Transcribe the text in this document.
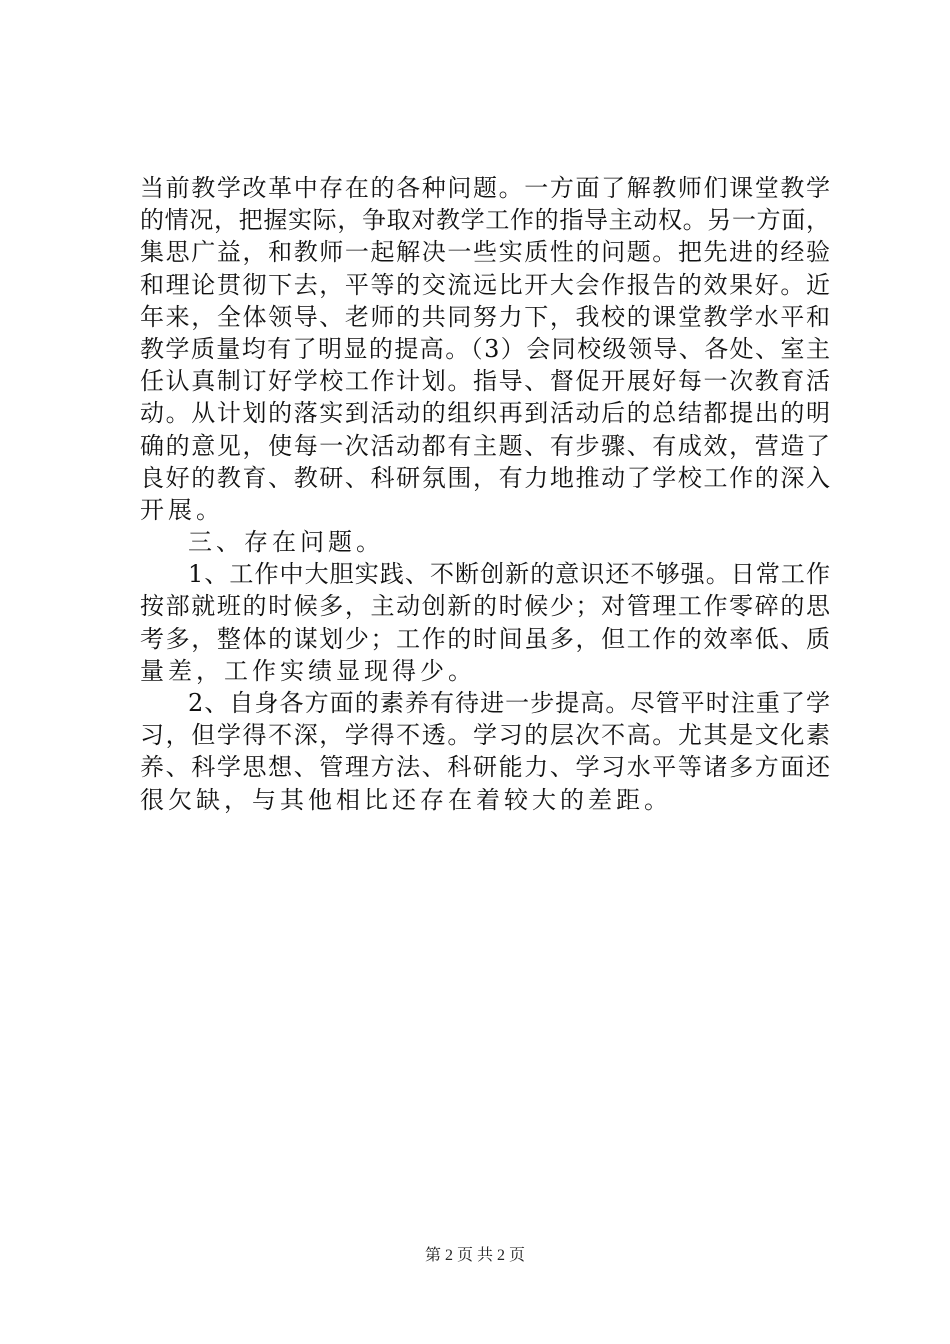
当前教学改革中存在的各种问题。一方面了解教师们课堂教学
的情况，把握实际，争取对教学工作的指导主动权。另一方面，
集思广益，和教师一起解决一些实质性的问题。把先进的经验
和理论贯彻下去，平等的交流远比开大会作报告的效果好。近
年来，全体领导、老师的共同努力下，我校的课堂教学水平和
教学质量均有了明显的提高。（3）会同校级领导、各处、室主
任认真制订好学校工作计划。指导、督促开展好每一次教育活
动。从计划的落实到活动的组织再到活动后的总结都提出的明
确的意见，使每一次活动都有主题、有步骤、有成效，营造了
良好的教育、教研、科研氛围，有力地推动了学校工作的深入
开展。
三、存在问题。
1、工作中大胆实践、不断创新的意识还不够强。日常工作
按部就班的时候多，主动创新的时候少；对管理工作零碎的思
考多，整体的谋划少；工作的时间虽多，但工作的效率低、质
量差，工作实绩显现得少。
2、自身各方面的素养有待进一步提高。尽管平时注重了学
习，但学得不深，学得不透。学习的层次不高。尤其是文化素
养、科学思想、管理方法、科研能力、学习水平等诸多方面还
很欠缺，与其他相比还存在着较大的差距。
第 2 页 共 2 页
